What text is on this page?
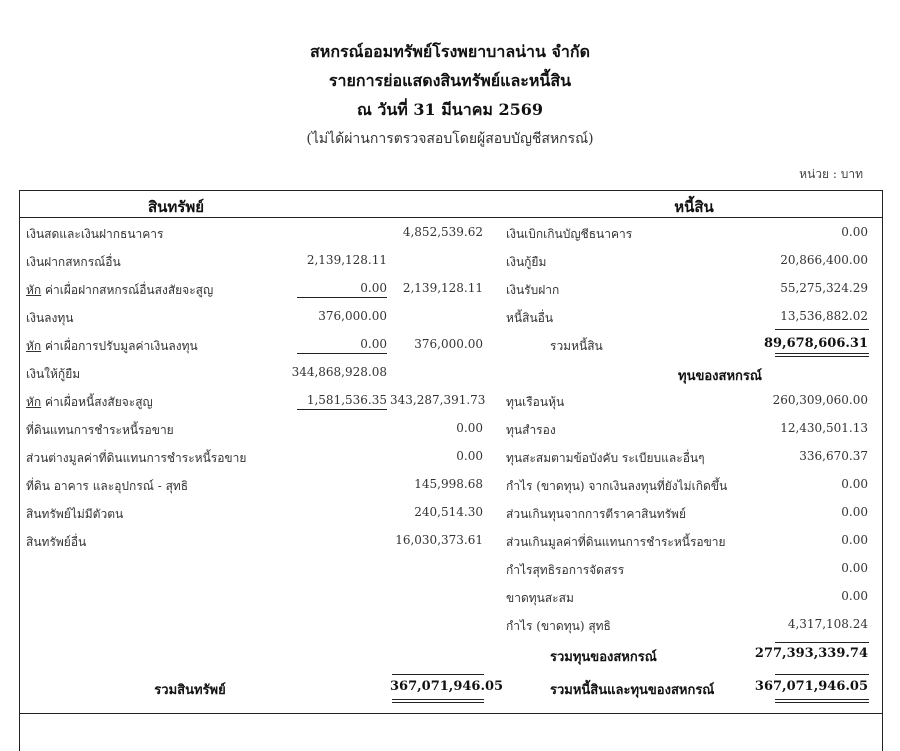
สหกรณ์ออมทรัพย์โรงพยาบาลน่าน จำกัด
รายการย่อแสดงสินทรัพย์และหนี้สิน
ณ วันที่ 31 มีนาคม 2569
(ไม่ได้ผ่านการตรวจสอบโดยผู้สอบบัญชีสหกรณ์)
หน่วย : บาท
สินทรัพย์	หนี้สิน
เงินสดและเงินฝากธนาคาร	4,852,539.62 เงินเบิกเกินบัญชีธนาคาร	0.00
เงินฝากสหกรณ์อื่น	2,139,128.11	เงินกู้ยืม	20,866,400.00
หัก ค่าเผื่อฝากสหกรณ์อื่นสงสัยจะสูญ	0.00	2,139,128.11 เงินรับฝาก	55,275,324.29
เงินลงทุน	376,000.00	หนี้สินอื่น	13,536,882.02
หัก ค่าเผื่อการปรับมูลค่าเงินลงทุน	0.00	376,000.00	รวมหนี้สิน	89,678,606.31
เงินให้กู้ยืม	344,868,928.08	ทุนของสหกรณ์
หัก ค่าเผื่อหนี้สงสัยจะสูญ	1,581,536.35 343,287,391.73 ทุนเรือนหุ้น	260,309,060.00
ที่ดินแทนการชำระหนี้รอขาย	0.00 ทุนสำรอง	12,430,501.13
ส่วนต่างมูลค่าที่ดินแทนการชำระหนี้รอขาย	0.00 ทุนสะสมตามข้อบังคับ ระเบียบและอื่นๆ	336,670.37
ที่ดิน อาคาร และอุปกรณ์ - สุทธิ	145,998.68 กำไร (ขาดทุน) จากเงินลงทุนที่ยังไม่เกิดขึ้น	0.00
สินทรัพย์ไม่มีตัวตน	240,514.30 ส่วนเกินทุนจากการตีราคาสินทรัพย์	0.00
สินทรัพย์อื่น	16,030,373.61 ส่วนเกินมูลค่าที่ดินแทนการชำระหนี้รอขาย	0.00
กำไรสุทธิรอการจัดสรร	0.00
ขาดทุนสะสม	0.00
กำไร (ขาดทุน) สุทธิ	4,317,108.24
รวมทุนของสหกรณ์	277,393,339.74
รวมสินทรัพย์	367,071,946.05	รวมหนี้สินและทุนของสหกรณ์	367,071,946.05
